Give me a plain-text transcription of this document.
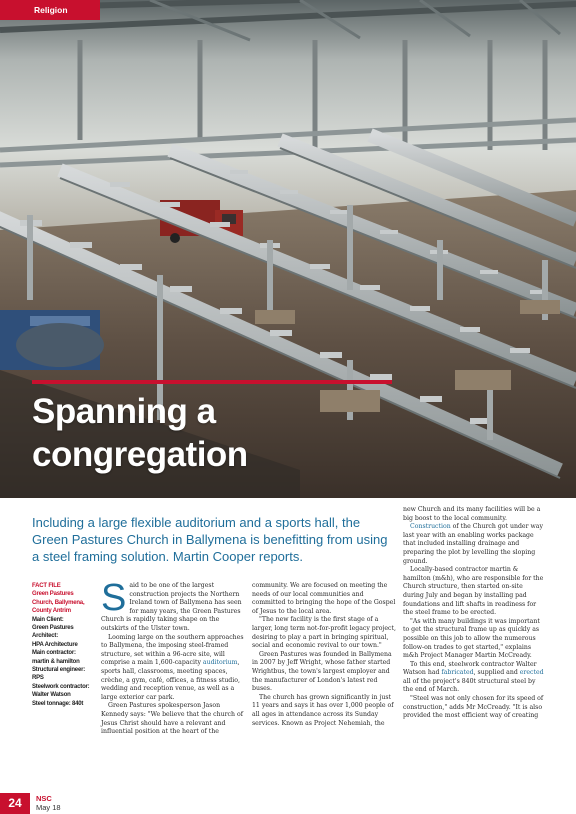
Religion
Spanning a
congregation

Including a large flexible auditorium and a sports hall, the Green Pastures Church in Ballymena is benefitting from using a steel framing solution. Martin Cooper reports.

FACT FILE
Green Pastures Church, Ballymena, County Antrim
Main Client:
Green Pastures
Architect:
HPA Architecture
Main contractor:
martin & hamilton
Structural engineer:
RPS
Steelwork contractor:
Walter Watson
Steel tonnage: 840t

Said to be one of the largest construction projects the Northern Ireland town of Ballymena has seen for many years, the Green Pastures Church is rapidly taking shape on the outskirts of the Ulster town.

Looming large on the southern approaches to Ballymena, the imposing steel-framed structure, set within a 96-acre site, will comprise a main 1,600-capacity auditorium, sports hall, classrooms, meeting spaces, crèche, a gym, café, offices, a fitness studio, wedding and reception venue, as well as a large exterior car park.

Green Pastures spokesperson Jason Kennedy says: "We believe that the church of Jesus Christ should have a relevant and influential position at the heart of the

community. We are focused on meeting the needs of our local communities and committed to bringing the hope of the Gospel of Jesus to the local area.

"The new facility is the first stage of a larger, long term not-for-profit legacy project, desiring to play a part in bringing spiritual, social and economic revival to our town."

Green Pastures was founded in Ballymena in 2007 by Jeff Wright, whose father started Wrightbus, the town's largest employer and the manufacturer of London's latest red buses.

The church has grown significantly in just 11 years and says it has over 1,000 people of all ages in attendance across its Sunday services. Known as Project Nehemiah, the

new Church and its many facilities will be a big boost to the local community.

Construction of the Church got under way last year with an enabling works package that included installing drainage and preparing the plot by levelling the sloping ground.

Locally-based contractor martin & hamilton (m&h), who are responsible for the Church structure, then started on-site during July and began by installing pad foundations and lift shafts in readiness for the steel frame to be erected.

"As with many buildings it was important to get the structural frame up as quickly as possible on this job to allow the numerous follow-on trades to get started," explains m&h Project Manager Martin McCready.

To this end, steelwork contractor Walter Watson had fabricated, supplied and erected all of the project's 840t structural steel by the end of March.

"Steel was not only chosen for its speed of construction," adds Mr McCready. "It is also provided the most efficient way of creating

24	NSC
May 18
